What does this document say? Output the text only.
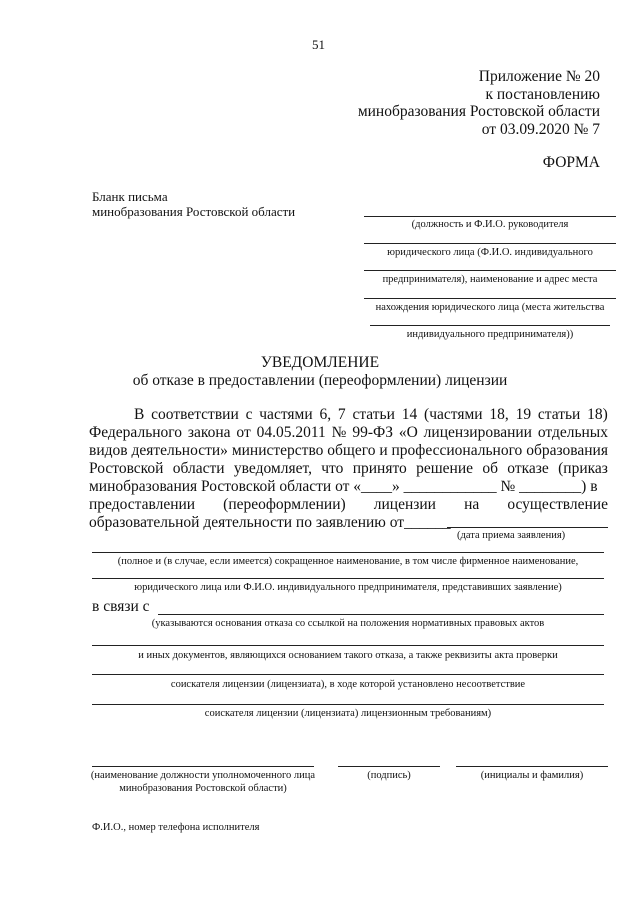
51
Приложение № 20
к постановлению
минобразования Ростовской области
от 03.09.2020 № 7
ФОРМА
Бланк письма
минобразования Ростовской области
(должность и Ф.И.О. руководителя
юридического лица (Ф.И.О. индивидуального
предпринимателя), наименование и адрес места
нахождения юридического лица (места жительства
индивидуального предпринимателя))
УВЕДОМЛЕНИЕ
об отказе в предоставлении (переоформлении) лицензии
В соответствии с частями 6, 7 статьи 14 (частями 18, 19 статьи 18)
Федерального закона от 04.05.2011 № 99-ФЗ «О лицензировании отдельных
видов деятельности» министерство общего и профессионального образования
Ростовской области уведомляет, что принято решение об отказе (приказ
минобразования Ростовской области от «____» ____________ № ________) в
предоставлении (переоформлении) лицензии на осуществление
образовательной деятельности по заявлению от______
(дата приема заявления)
(полное и (в случае, если имеется) сокращенное наименование, в том числе фирменное наименование,
юридического лица или Ф.И.О. индивидуального предпринимателя, представивших заявление)
в связи с
(указываются основания отказа со ссылкой на положения нормативных правовых актов
и иных документов, являющихся основанием такого отказа, а также реквизиты акта проверки
соискателя лицензии (лицензиата), в ходе которой установлено несоответствие
соискателя лицензии (лицензиата) лицензионным требованиям)
(наименование должности уполномоченного лица
минобразования Ростовской области)
(подпись)	(инициалы и фамилия)
Ф.И.О., номер телефона исполнителя
